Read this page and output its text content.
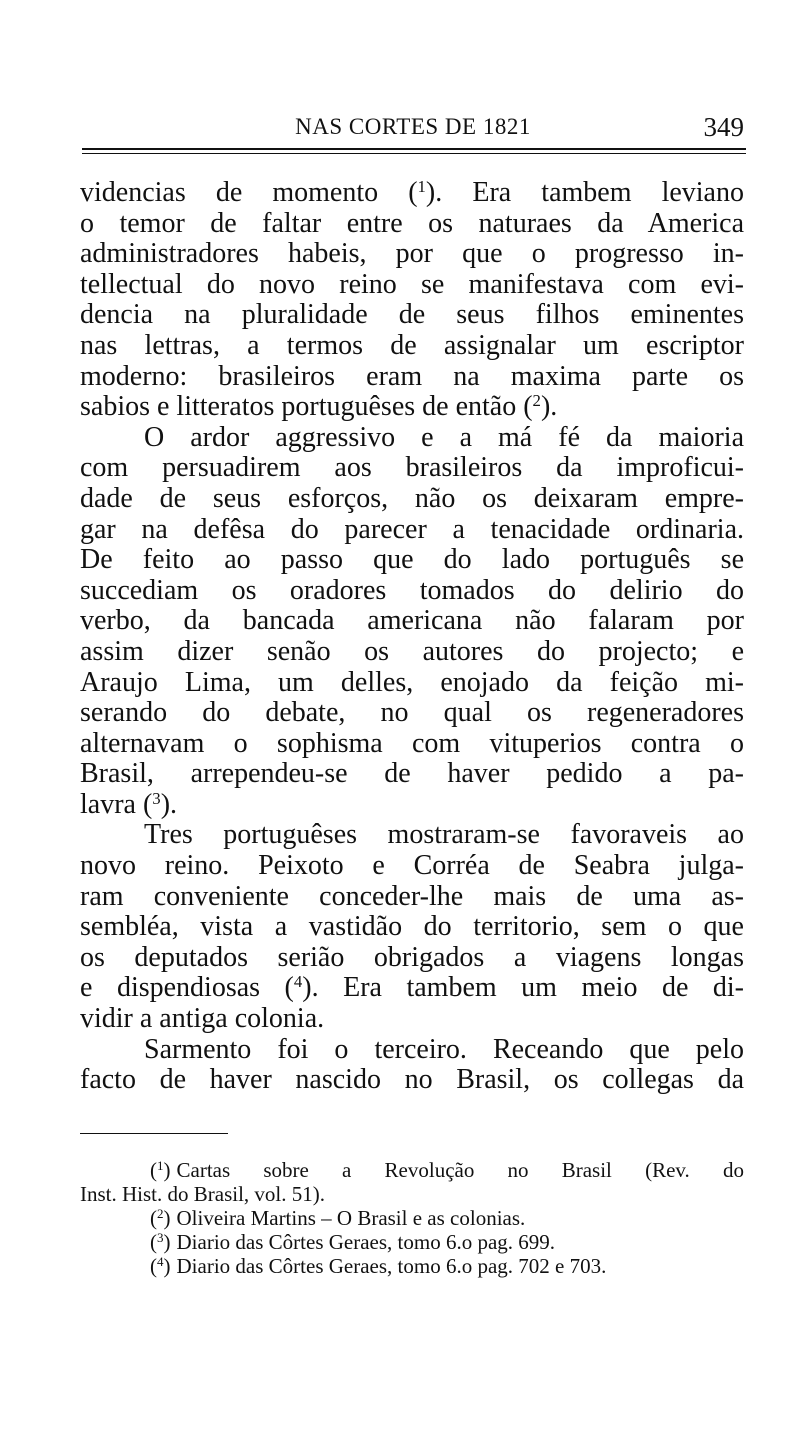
NAS CORTES DE 1821	349
videncias de momento ($^1$). Era tambem leviano
o temor de faltar entre os naturaes da America
administradores habeis, por que o progresso in-
tellectual do novo reino se manifestava com evi-
dencia na pluralidade de seus filhos eminentes
nas lettras, a termos de assignalar um escriptor
moderno: brasileiros eram na maxima parte os
sabios e litteratos portuguêses de então ($^2$).
O ardor aggressivo e a má fé da maioria
com persuadirem aos brasileiros da improficui-
dade de seus esforços, não os deixaram empre-
gar na defêsa do parecer a tenacidade ordinaria.
De feito ao passo que do lado português se
succediam os oradores tomados do delirio do
verbo, da bancada americana não falaram por
assim dizer senão os autores do projecto; e
Araujo Lima, um delles, enojado da feição mi-
serando do debate, no qual os regeneradores
alternavam o sophisma com vituperios contra o
Brasil, arrependeu-se de haver pedido a pa-
lavra ($^3$).
Tres portuguêses mostraram-se favoraveis ao
novo reino. Peixoto e Corréa de Seabra julga-
ram conveniente conceder-lhe mais de uma as-
sembléa, vista a vastidão do territorio, sem o que
os deputados serião obrigados a viagens longas
e dispendiosas ($^4$). Era tambem um meio de di-
vidir a antiga colonia.
Sarmento foi o terceiro. Receando que pelo
facto de haver nascido no Brasil, os collegas da
($^1$) Cartas sobre a Revolução no Brasil (Rev. do
Inst. Hist. do Brasil, vol. 51).
($^2$) Oliveira Martins – O Brasil e as colonias.
($^3$) Diario das Côrtes Geraes, tomo 6.o pag. 699.
($^4$) Diario das Côrtes Geraes, tomo 6.o pag. 702 e 703.
